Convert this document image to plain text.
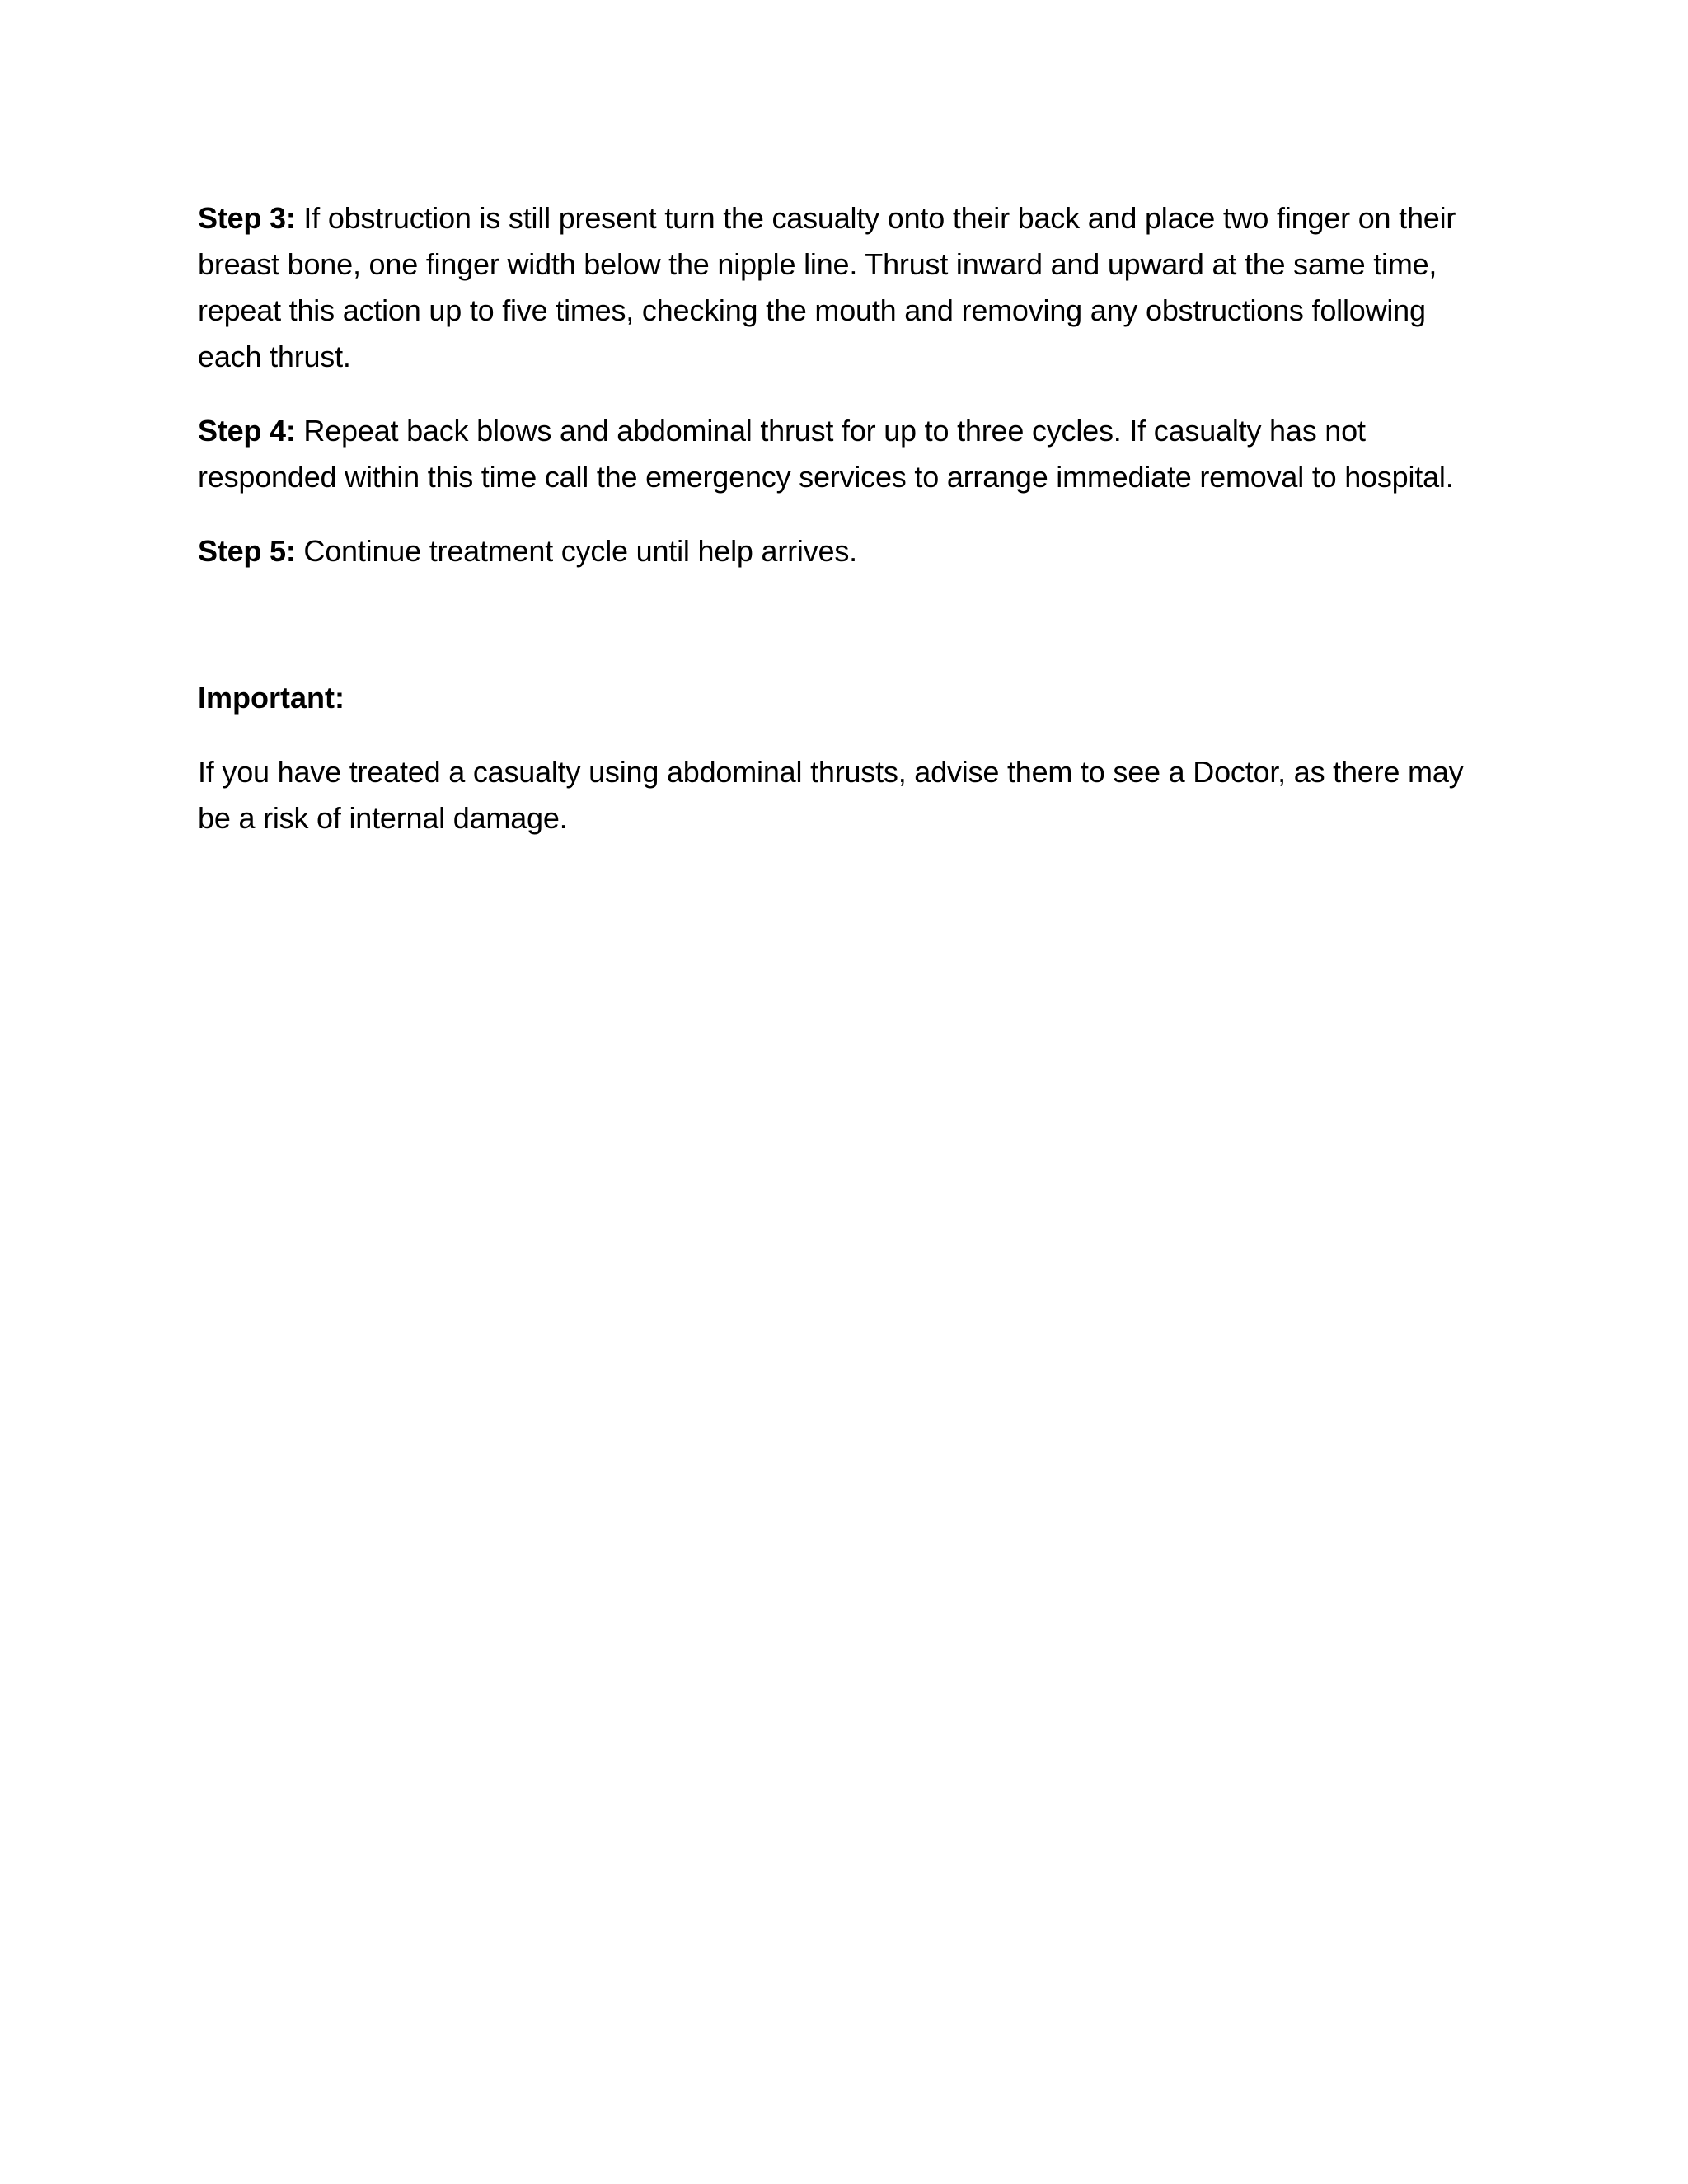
Step 3: If obstruction is still present turn the casualty onto their back and place two finger on their breast bone, one finger width below the nipple line. Thrust inward and upward at the same time, repeat this action up to five times, checking the mouth and removing any obstructions following each thrust.

Step 4: Repeat back blows and abdominal thrust for up to three cycles. If casualty has not responded within this time call the emergency services to arrange immediate removal to hospital.

Step 5: Continue treatment cycle until help arrives.

Important:

If you have treated a casualty using abdominal thrusts, advise them to see a Doctor, as there may be a risk of internal damage.
